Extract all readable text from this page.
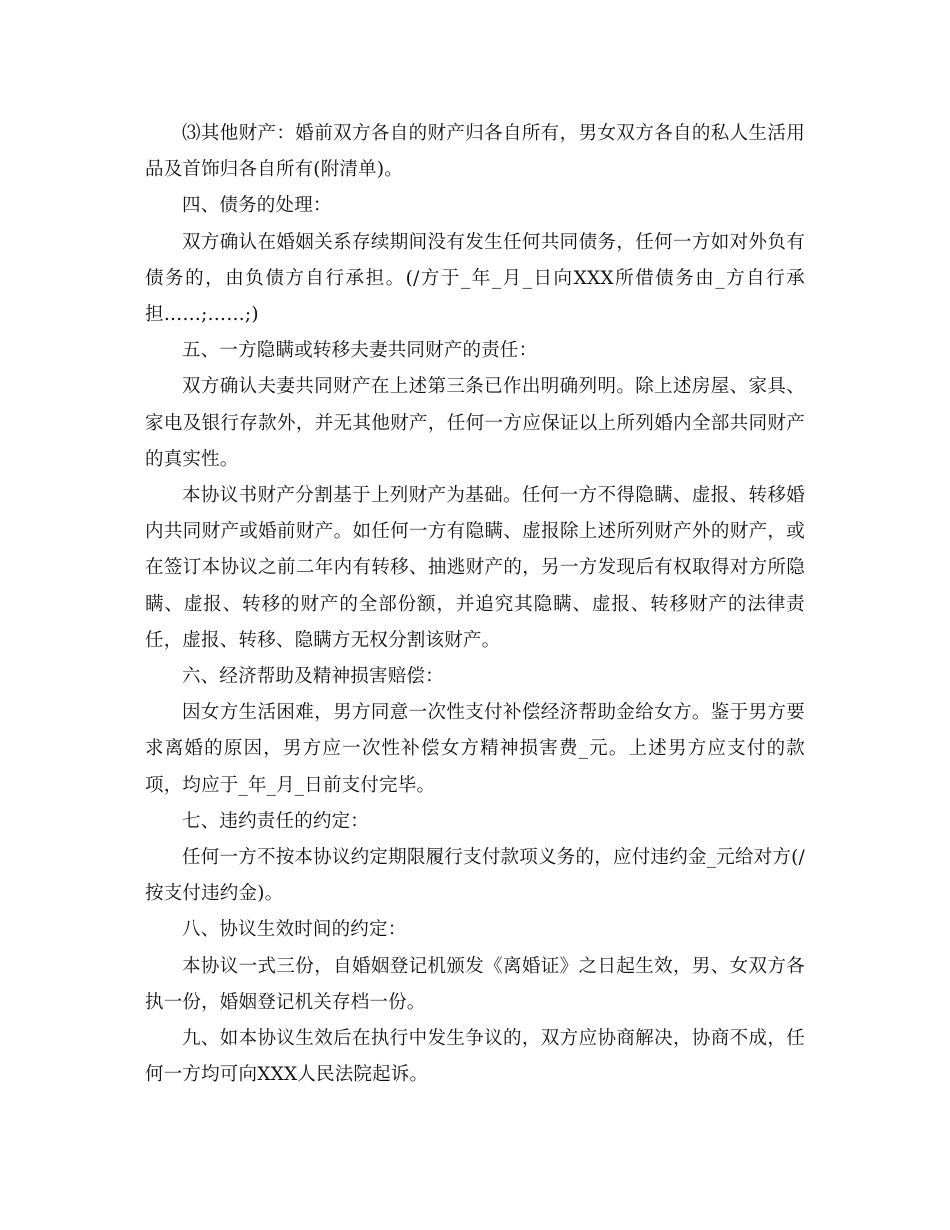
⑶其他财产：婚前双方各自的财产归各自所有，男女双方各自的私人生活用品及首饰归各自所有(附清单)。

四、债务的处理：

双方确认在婚姻关系存续期间没有发生任何共同债务，任何一方如对外负有债务的，由负债方自行承担。(/方于_年_月_日向XXX所借债务由_方自行承担……;……;)

五、一方隐瞒或转移夫妻共同财产的责任：

双方确认夫妻共同财产在上述第三条已作出明确列明。除上述房屋、家具、家电及银行存款外，并无其他财产，任何一方应保证以上所列婚内全部共同财产的真实性。

本协议书财产分割基于上列财产为基础。任何一方不得隐瞒、虚报、转移婚内共同财产或婚前财产。如任何一方有隐瞒、虚报除上述所列财产外的财产，或在签订本协议之前二年内有转移、抽逃财产的，另一方发现后有权取得对方所隐瞒、虚报、转移的财产的全部份额，并追究其隐瞒、虚报、转移财产的法律责任，虚报、转移、隐瞒方无权分割该财产。

六、经济帮助及精神损害赔偿：

因女方生活困难，男方同意一次性支付补偿经济帮助金给女方。鉴于男方要求离婚的原因，男方应一次性补偿女方精神损害费_元。上述男方应支付的款项，均应于_年_月_日前支付完毕。

七、违约责任的约定：

任何一方不按本协议约定期限履行支付款项义务的，应付违约金_元给对方(/按支付违约金)。

八、协议生效时间的约定：

本协议一式三份，自婚姻登记机颁发《离婚证》之日起生效，男、女双方各执一份，婚姻登记机关存档一份。

九、如本协议生效后在执行中发生争议的，双方应协商解决，协商不成，任何一方均可向XXX人民法院起诉。
